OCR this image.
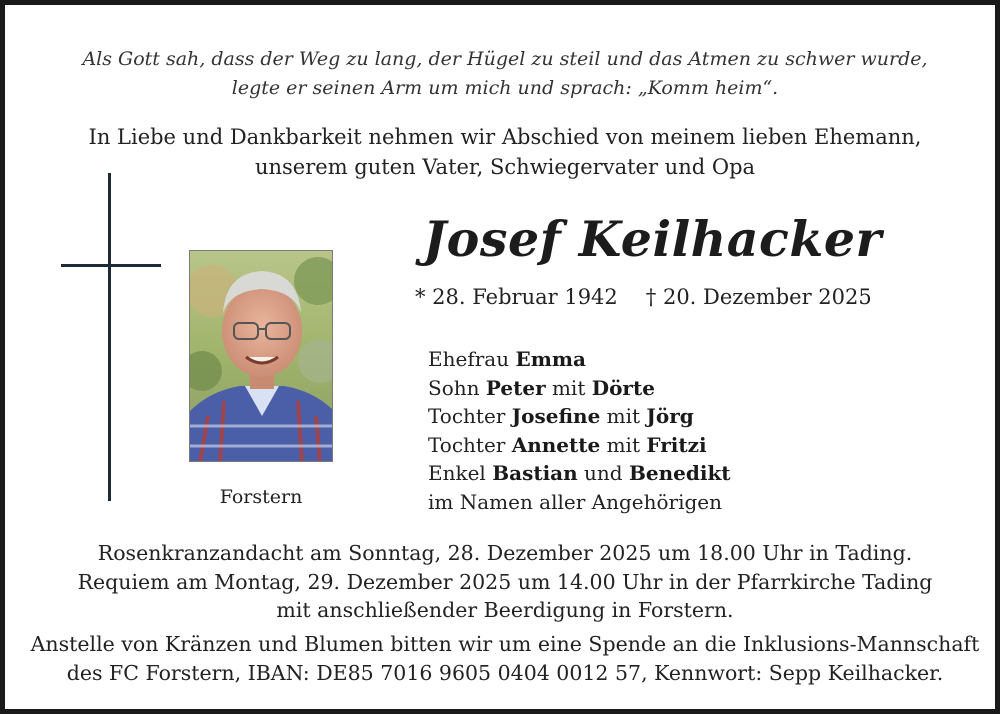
Als Gott sah, dass der Weg zu lang, der Hügel zu steil und das Atmen zu schwer wurde,
legte er seinen Arm um mich und sprach: „Komm heim“.
In Liebe und Dankbarkeit nehmen wir Abschied von meinem lieben Ehemann,
unserem guten Vater, Schwiegervater und Opa
Forstern
Josef Keilhacker
* 28. Februar 1942 † 20. Dezember 2025
Ehefrau Emma
Sohn Peter mit Dörte
Tochter Josefine mit Jörg
Tochter Annette mit Fritzi
Enkel Bastian und Benedikt
im Namen aller Angehörigen
Rosenkranzandacht am Sonntag, 28. Dezember 2025 um 18.00 Uhr in Tading.
Requiem am Montag, 29. Dezember 2025 um 14.00 Uhr in der Pfarrkirche Tading
mit anschließender Beerdigung in Forstern.
Anstelle von Kränzen und Blumen bitten wir um eine Spende an die Inklusions-Mannschaft
des FC Forstern, IBAN: DE85 7016 9605 0404 0012 57, Kennwort: Sepp Keilhacker.
